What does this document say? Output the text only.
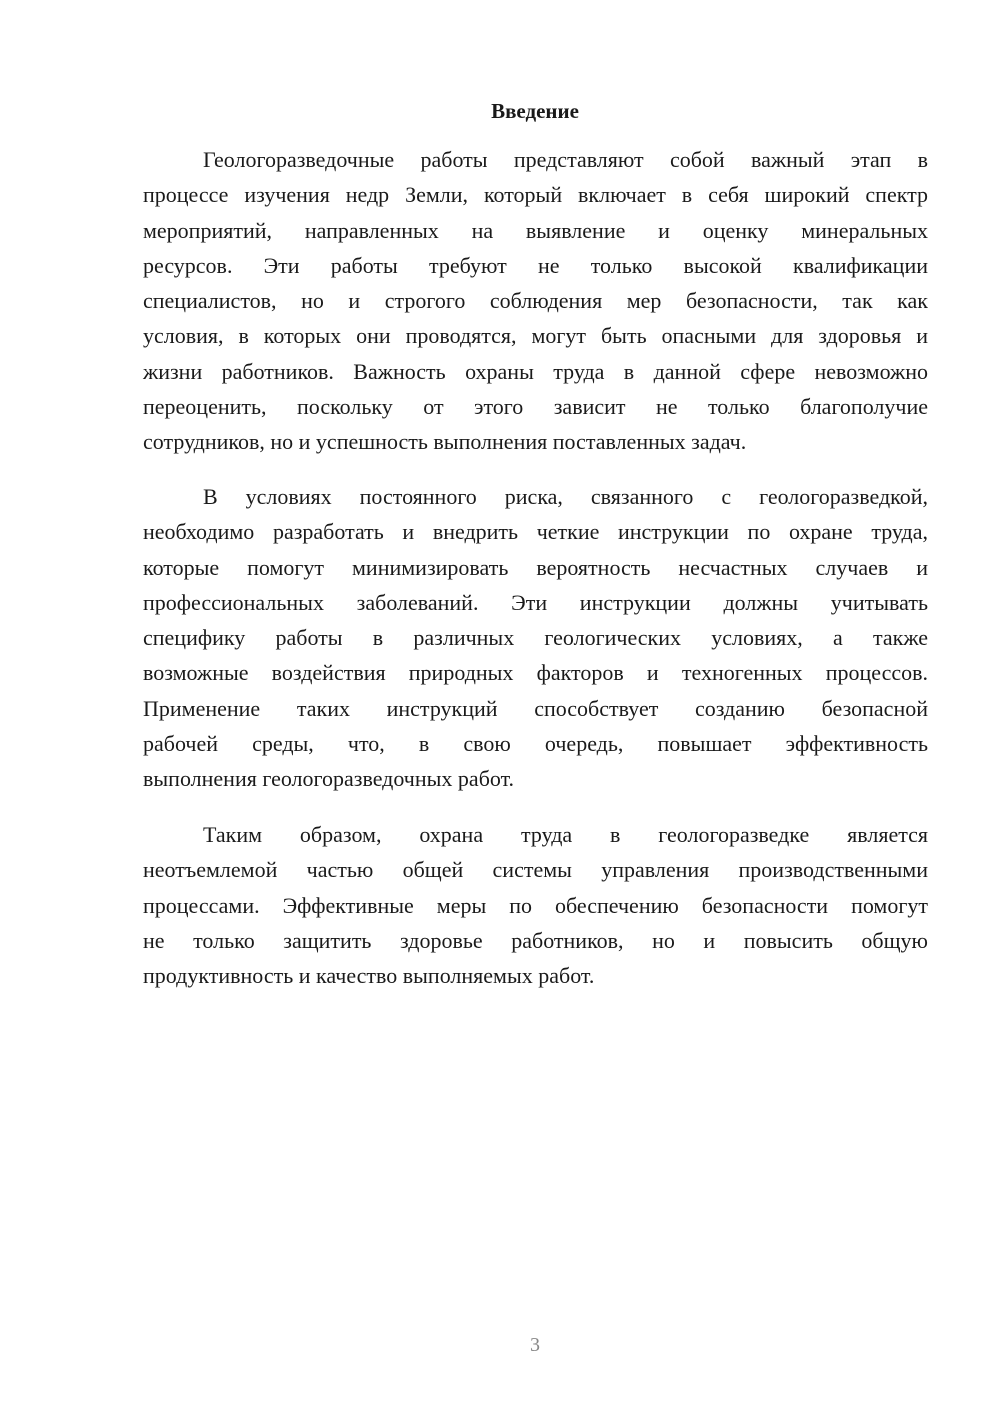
Введение
Геологоразведочные работы представляют собой важный этап в
процессе изучения недр Земли, который включает в себя широкий спектр
мероприятий, направленных на выявление и оценку минеральных
ресурсов. Эти работы требуют не только высокой квалификации
специалистов, но и строгого соблюдения мер безопасности, так как
условия, в которых они проводятся, могут быть опасными для здоровья и
жизни работников. Важность охраны труда в данной сфере невозможно
переоценить, поскольку от этого зависит не только благополучие
сотрудников, но и успешность выполнения поставленных задач.
В условиях постоянного риска, связанного с геологоразведкой,
необходимо разработать и внедрить четкие инструкции по охране труда,
которые помогут минимизировать вероятность несчастных случаев и
профессиональных заболеваний. Эти инструкции должны учитывать
специфику работы в различных геологических условиях, а также
возможные воздействия природных факторов и техногенных процессов.
Применение таких инструкций способствует созданию безопасной
рабочей среды, что, в свою очередь, повышает эффективность
выполнения геологоразведочных работ.
Таким образом, охрана труда в геологоразведке является
неотъемлемой частью общей системы управления производственными
процессами. Эффективные меры по обеспечению безопасности помогут
не только защитить здоровье работников, но и повысить общую
продуктивность и качество выполняемых работ.
3
